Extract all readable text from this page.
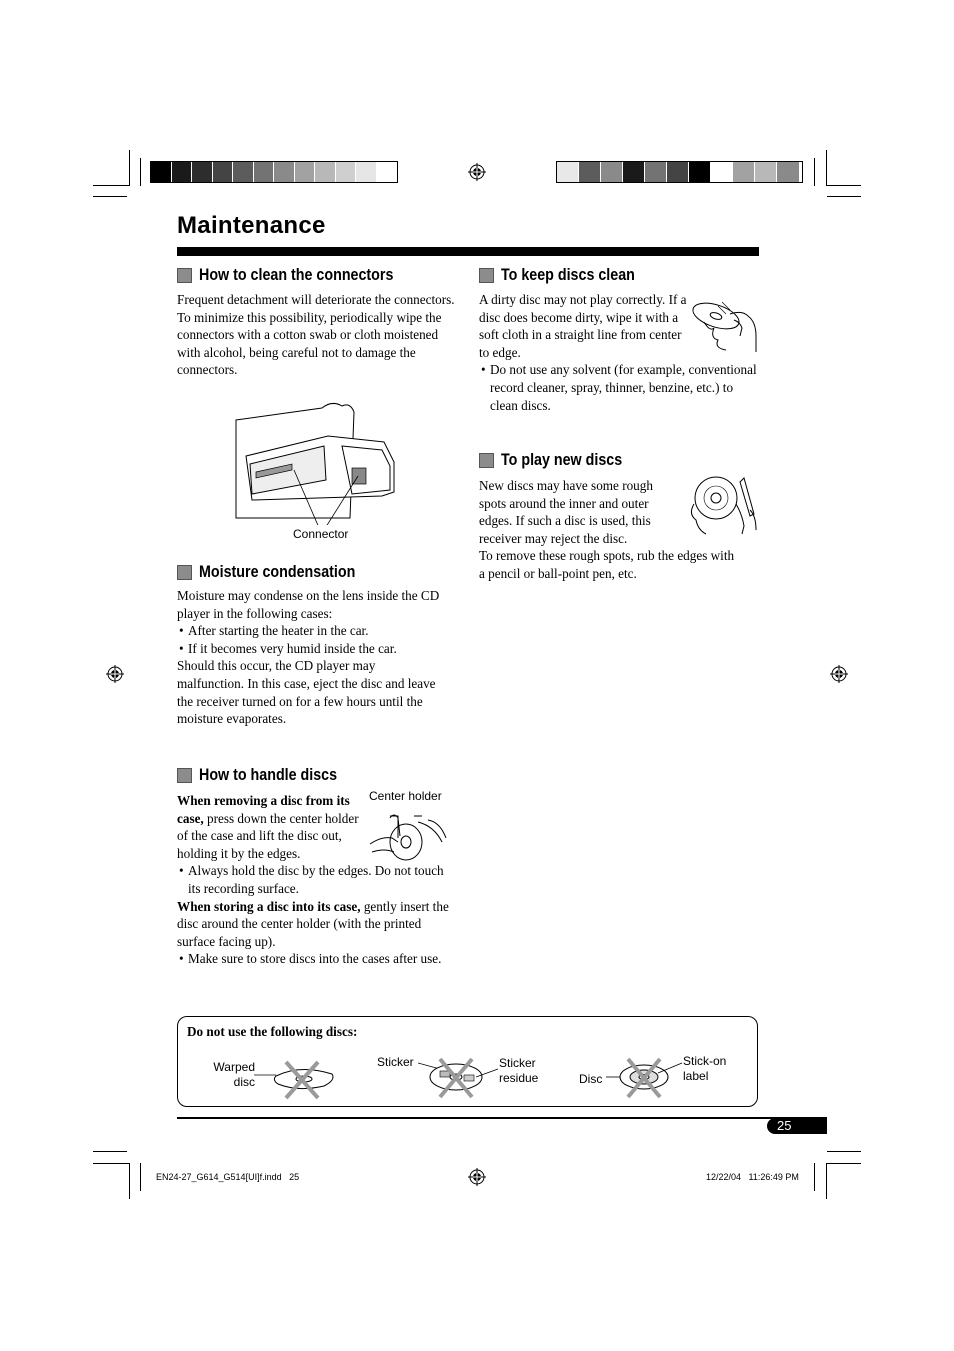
Maintenance
How to clean the connectors

Frequent detachment will deteriorate the connectors.

To minimize this possibility, periodically wipe the connectors with a cotton swab or cloth moistened with alcohol, being careful not to damage the connectors.

Connector
Moisture condensation

Moisture may condense on the lens inside the CD player in the following cases:

• After starting the heater in the car.

• If it becomes very humid inside the car.

Should this occur, the CD player may malfunction. In this case, eject the disc and leave the receiver turned on for a few hours until the moisture evaporates.

How to handle discs

When removing a disc from its case, press down the center holder of the case and lift the disc out, holding it by the edges.

• Always hold the disc by the edges. Do not touch its recording surface.

When storing a disc into its case, gently insert the disc around the center holder (with the printed surface facing up).

• Make sure to store discs into the cases after use.

Center holder
To keep discs clean

A dirty disc may not play correctly. If a disc does become dirty, wipe it with a soft cloth in a straight line from center to edge.

• Do not use any solvent (for example, conventional record cleaner, spray, thinner, benzine, etc.) to clean discs.

To play new discs

New discs may have some rough spots around the inner and outer edges. If such a disc is used, this receiver may reject the disc.

To remove these rough spots, rub the edges with a pencil or ball-point pen, etc.

Do not use the following discs:
Warped disc
Sticker	Sticker residue	Disc
Stick-on label
25
EN24-27_G614_G514[UI]f.indd   25	12/22/04   11:26:49 PM
